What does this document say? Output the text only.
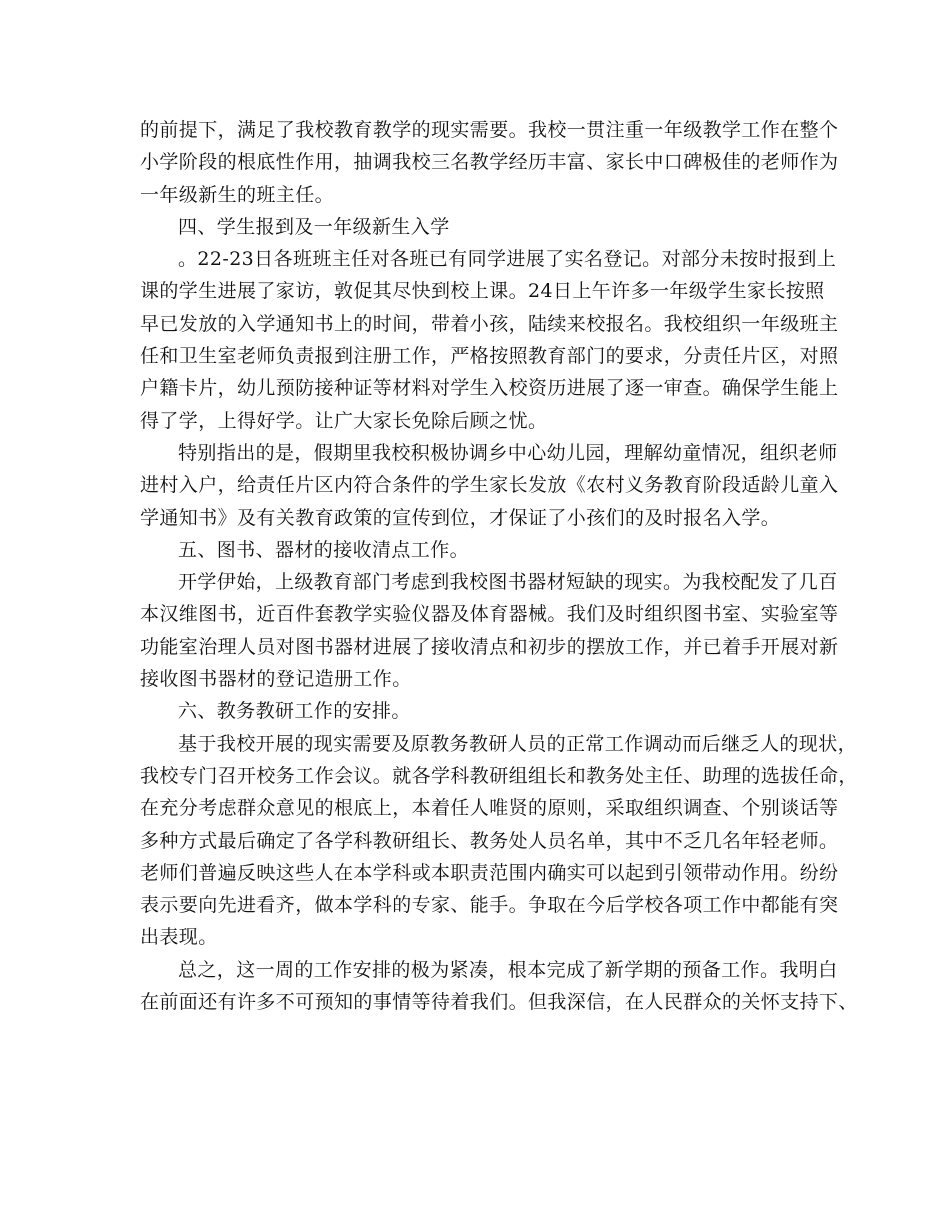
的前提下，满足了我校教育教学的现实需要。我校一贯注重一年级教学工作在整个
小学阶段的根底性作用，抽调我校三名教学经历丰富、家长中口碑极佳的老师作为
一年级新生的班主任。
四、学生报到及一年级新生入学
。22-23日各班班主任对各班已有同学进展了实名登记。对部分未按时报到上
课的学生进展了家访，敦促其尽快到校上课。24日上午许多一年级学生家长按照
早已发放的入学通知书上的时间，带着小孩，陆续来校报名。我校组织一年级班主
任和卫生室老师负责报到注册工作，严格按照教育部门的要求，分责任片区，对照
户籍卡片，幼儿预防接种证等材料对学生入校资历进展了逐一审查。确保学生能上
得了学，上得好学。让广大家长免除后顾之忧。
特别指出的是，假期里我校积极协调乡中心幼儿园，理解幼童情况，组织老师
进村入户，给责任片区内符合条件的学生家长发放《农村义务教育阶段适龄儿童入
学通知书》及有关教育政策的宣传到位，才保证了小孩们的及时报名入学。
五、图书、器材的接收清点工作。
开学伊始，上级教育部门考虑到我校图书器材短缺的现实。为我校配发了几百
本汉维图书，近百件套教学实验仪器及体育器械。我们及时组织图书室、实验室等
功能室治理人员对图书器材进展了接收清点和初步的摆放工作，并已着手开展对新
接收图书器材的登记造册工作。
六、教务教研工作的安排。
基于我校开展的现实需要及原教务教研人员的正常工作调动而后继乏人的现状，
我校专门召开校务工作会议。就各学科教研组组长和教务处主任、助理的选拔任命，
在充分考虑群众意见的根底上，本着任人唯贤的原则，采取组织调查、个别谈话等
多种方式最后确定了各学科教研组长、教务处人员名单，其中不乏几名年轻老师。
老师们普遍反映这些人在本学科或本职责范围内确实可以起到引领带动作用。纷纷
表示要向先进看齐，做本学科的专家、能手。争取在今后学校各项工作中都能有突
出表现。
总之，这一周的工作安排的极为紧凑，根本完成了新学期的预备工作。我明白
在前面还有许多不可预知的事情等待着我们。但我深信，在人民群众的关怀支持下、
